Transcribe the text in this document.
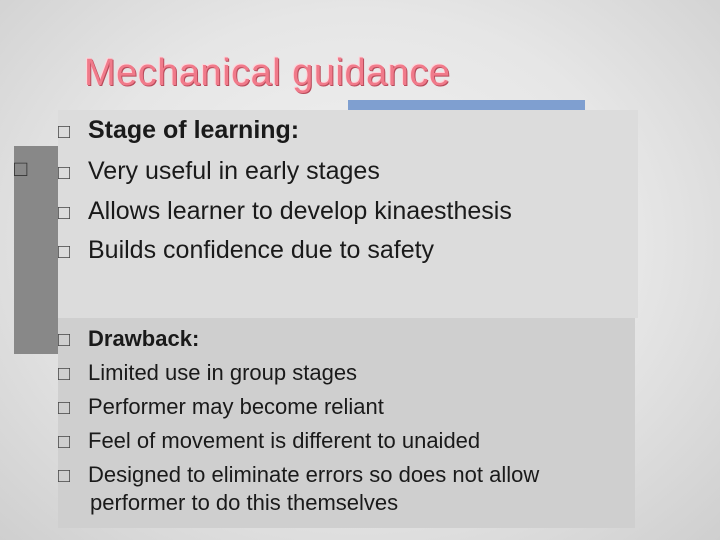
Mechanical guidance
□
□ Stage of learning:
□ Very useful in early stages
□ Allows learner to develop kinaesthesis
□ Builds confidence due to safety
□ Drawback:
□ Limited use in group stages
□ Performer may become reliant
□ Feel of movement is different to unaided
□ Designed to eliminate errors so does not allow
performer to do this themselves
